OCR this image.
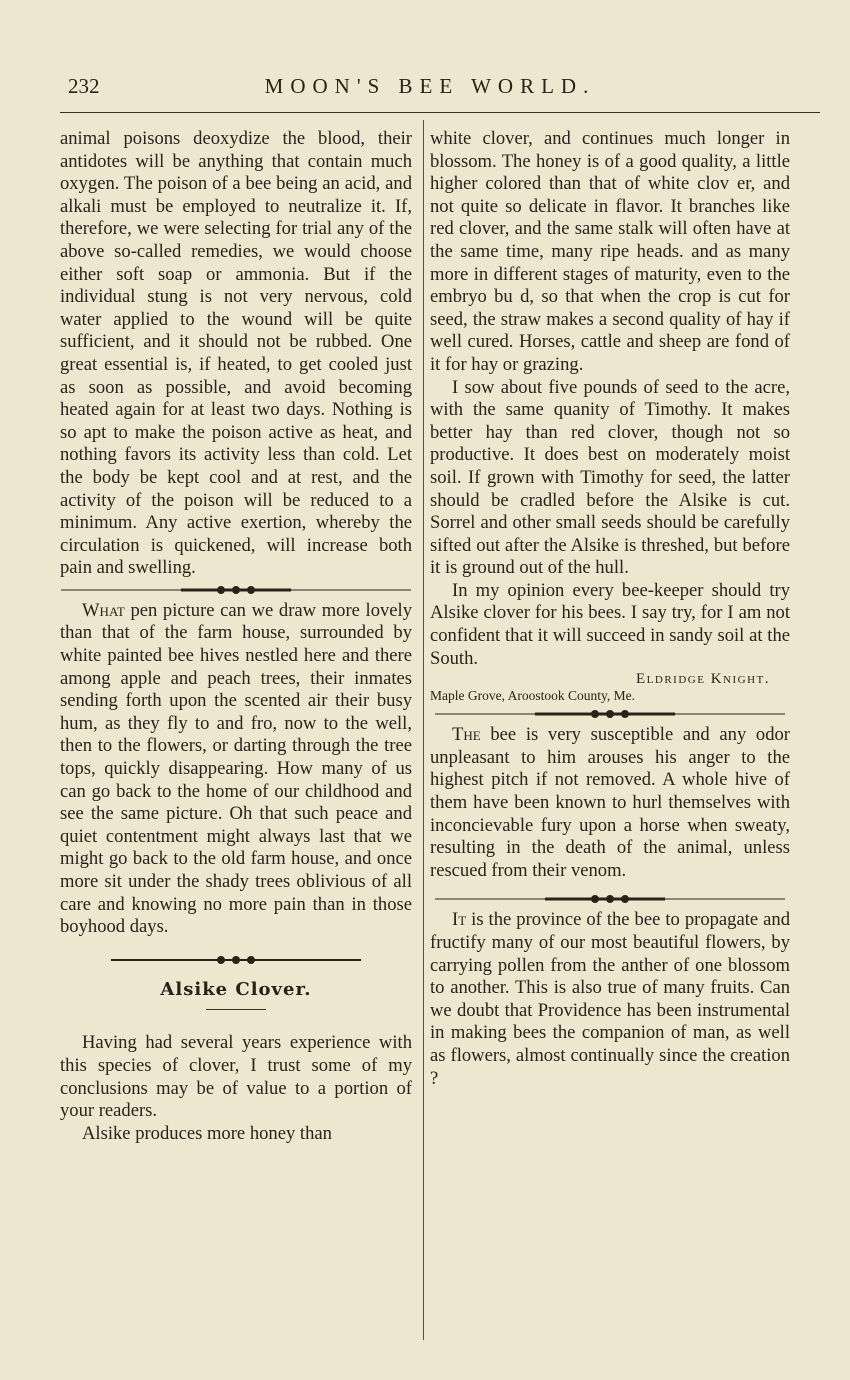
232	MOON'S BEE WORLD.

animal poisons deoxydize the blood, their antidotes will be anything that contain much oxygen. The poison of a bee being an acid, and alkali must be employed to neutralize it. If, therefore, we were selecting for trial any of the above so-called remedies, we would choose either soft soap or ammonia. But if the individual stung is not very nervous, cold water applied to the wound will be quite sufficient, and it should not be rubbed. One great essential is, if heated, to get cooled just as soon as possible, and avoid becoming heated again for at least two days. Nothing is so apt to make the poison active as heat, and nothing favors its activity less than cold. Let the body be kept cool and at rest, and the activity of the poison will be reduced to a minimum. Any active exertion, whereby the circulation is quickened, will increase both pain and swelling.

What pen picture can we draw more lovely than that of the farm house, surrounded by white painted bee hives nestled here and there among apple and peach trees, their inmates sending forth upon the scented air their busy hum, as they fly to and fro, now to the well, then to the flowers, or darting through the tree tops, quickly disappearing. How many of us can go back to the home of our childhood and see the same picture. Oh that such peace and quiet contentment might always last that we might go back to the old farm house, and once more sit under the shady trees oblivious of all care and knowing no more pain than in those boyhood days.

Alsike Clover.

Having had several years experience with this species of clover, I trust some of my conclusions may be of value to a portion of your readers.

Alsike produces more honey than

white clover, and continues much longer in blossom. The honey is of a good quality, a little higher colored than that of white clov er, and not quite so delicate in flavor. It branches like red clover, and the same stalk will often have at the same time, many ripe heads. and as many more in different stages of maturity, even to the embryo bu d, so that when the crop is cut for seed, the straw makes a second quality of hay if well cured. Horses, cattle and sheep are fond of it for hay or grazing.

I sow about five pounds of seed to the acre, with the same quanity of Timothy. It makes better hay than red clover, though not so productive. It does best on moderately moist soil. If grown with Timothy for seed, the latter should be cradled before the Alsike is cut. Sorrel and other small seeds should be carefully sifted out after the Alsike is threshed, but before it is ground out of the hull.

In my opinion every bee-keeper should try Alsike clover for his bees. I say try, for I am not confident that it will succeed in sandy soil at the South.

Eldridge Knight.
Maple Grove, Aroostook County, Me.

The bee is very susceptible and any odor unpleasant to him arouses his anger to the highest pitch if not removed. A whole hive of them have been known to hurl themselves with inconcievable fury upon a horse when sweaty, resulting in the death of the animal, unless rescued from their venom.

It is the province of the bee to propagate and fructify many of our most beautiful flowers, by carrying pollen from the anther of one blossom to another. This is also true of many fruits. Can we doubt that Providence has been instrumental in making bees the companion of man, as well as flowers, almost continually since the creation ?
